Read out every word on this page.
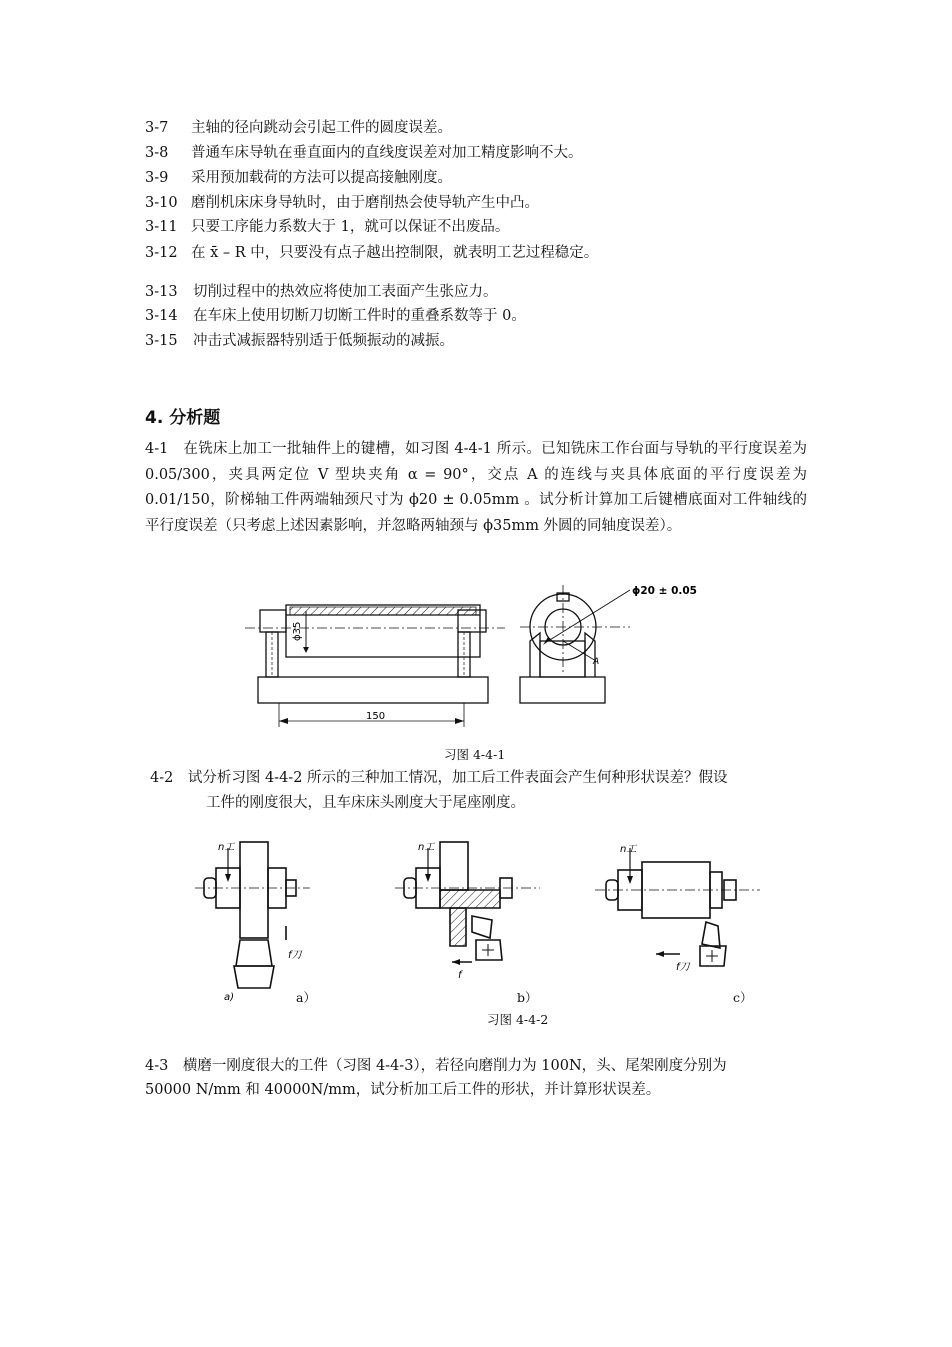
3-7 主轴的径向跳动会引起工件的圆度误差。
3-8 普通车床导轨在垂直面内的直线度误差对加工精度影响不大。
3-9 采用预加载荷的方法可以提高接触刚度。
3-10 磨削机床床身导轨时，由于磨削热会使导轨产生中凸。
3-11 只要工序能力系数大于 1，就可以保证不出废品。
3-12 在 x̄ – R 中，只要没有点子越出控制限，就表明工艺过程稳定。
3-13 切削过程中的热效应将使加工表面产生张应力。
3-14 在车床上使用切断刀切断工件时的重叠系数等于 0。
3-15 冲击式减振器特别适于低频振动的减振。
4. 分析题
4-1　在铣床上加工一批轴件上的键槽，如习图 4-4-1 所示。已知铣床工作台面与导轨的平行度误差为 0.05/300，夹具两定位 V 型块夹角 α = 90°，交点 A 的连线与夹具体底面的平行度误差为 0.01/150，阶梯轴工件两端轴颈尺寸为 ϕ20 ± 0.05mm 。试分析计算加工后键槽底面对工件轴线的平行度误差（只考虑上述因素影响，并忽略两轴颈与 ϕ35mm 外圆的同轴度误差）。
ϕ35
150
ϕ20 ± 0.05
A
习图 4-4-1
4-2　试分析习图 4-4-2 所示的三种加工情况，加工后工件表面会产生何种形状误差？假设
工件的刚度很大，且车床床头刚度大于尾座刚度。
n工
f刀
a)
n工
f
n工
f刀
a）	b）	c）
习图 4-4-2
4-3　横磨一刚度很大的工件（习图 4-4-3），若径向磨削力为 100N，头、尾架刚度分别为
50000 N/mm 和 40000N/mm，试分析加工后工件的形状，并计算形状误差。
